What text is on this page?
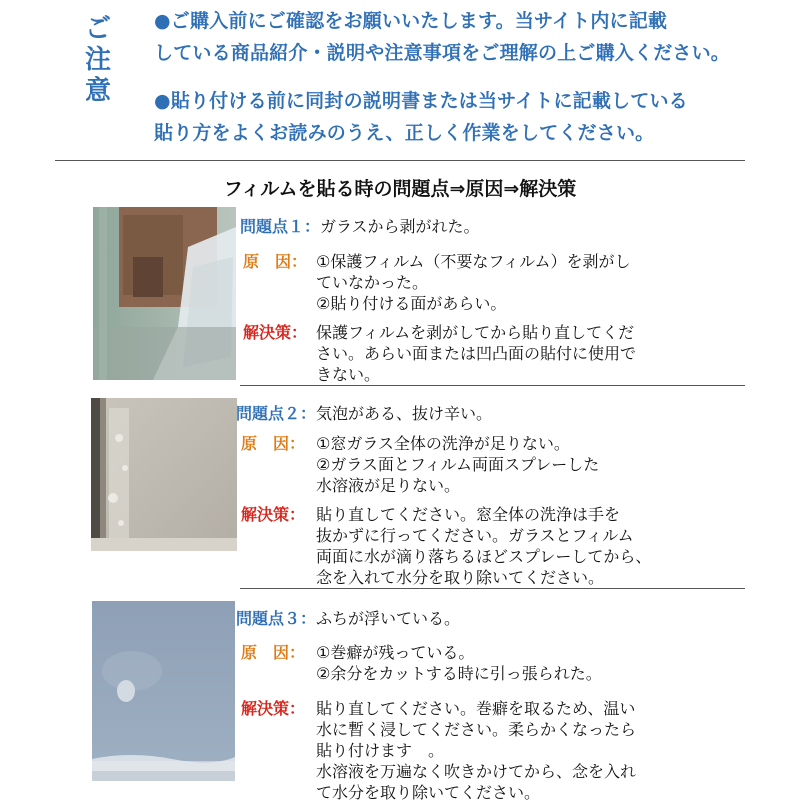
ご
注
意
●ご購入前にご確認をお願いいたします。当サイト内に記載
している商品紹介・説明や注意事項をご理解の上ご購入ください。
●貼り付ける前に同封の説明書または当サイトに記載している
貼り方をよくお読みのうえ、正しく作業をしてください。
フィルムを貼る時の問題点⇒原因⇒解決策
問題点１：ガラスから剥がれた。
原　因： ①保護フィルム（不要なフィルム）を剥がし
ていなかった。
②貼り付ける面があらい。
解決策： 保護フィルムを剥がしてから貼り直してくだ
さい。あらい面または凹凸面の貼付に使用で
きない。
問題点２：気泡がある、抜け辛い。
原　因： ①窓ガラス全体の洗浄が足りない。
②ガラス面とフィルム両面スプレーした
水溶液が足りない。
解決策： 貼り直してください。窓全体の洗浄は手を
抜かずに行ってください。ガラスとフィルム
両面に水が滴り落ちるほどスプレーしてから、
念を入れて水分を取り除いてください。
問題点３：ふちが浮いている。
原　因： ①巻癖が残っている。
②余分をカットする時に引っ張られた。
解決策： 貼り直してください。巻癖を取るため、温い
水に暫く浸してください。柔らかくなったら
貼り付けます　。
水溶液を万遍なく吹きかけてから、念を入れ
て水分を取り除いてください。
